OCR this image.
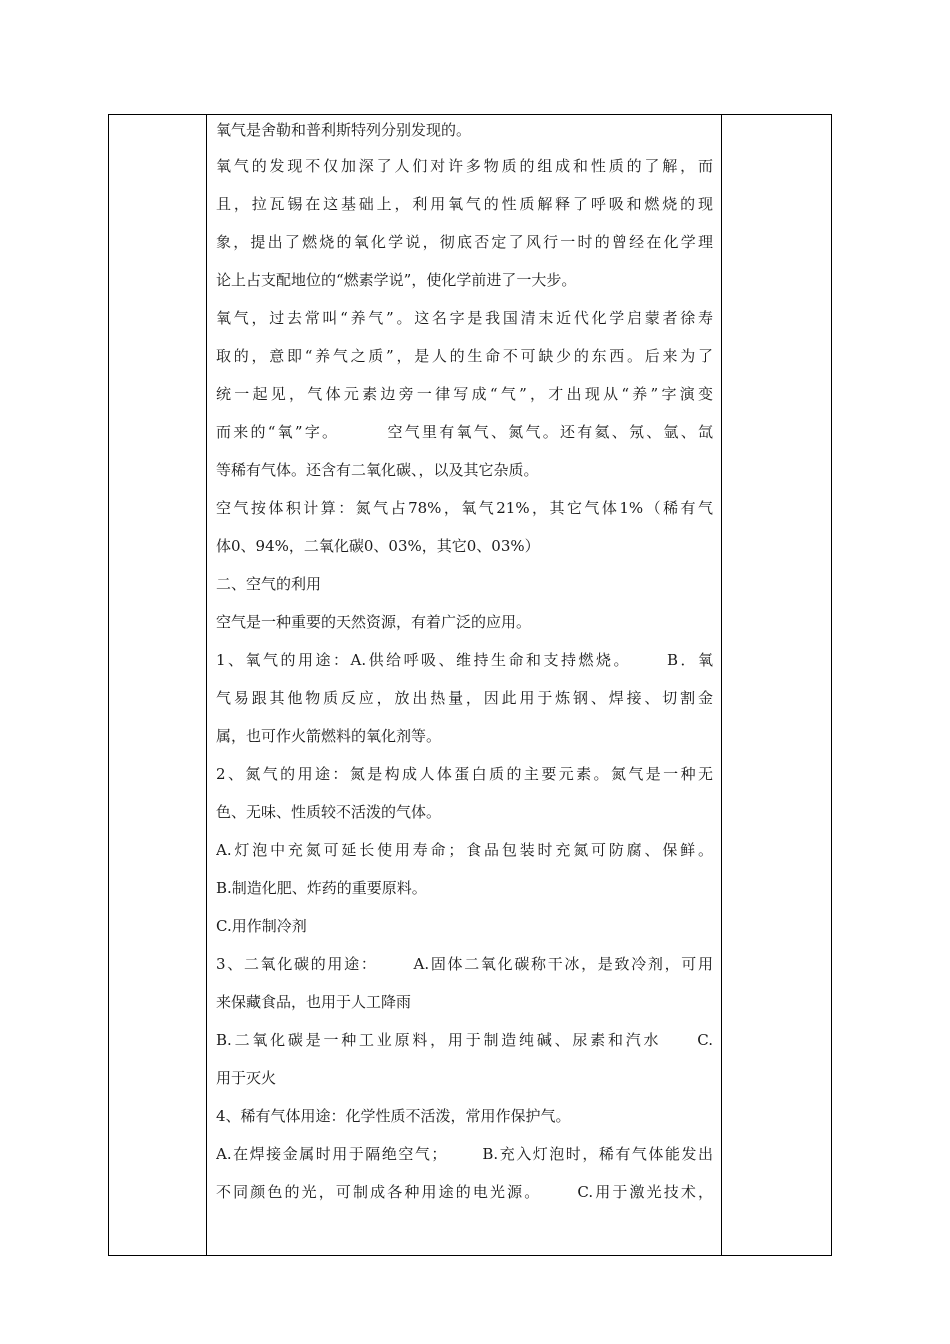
氧气是舍勒和普利斯特列分别发现的。
氧气的发现不仅加深了人们对许多物质的组成和性质的了解，而
且，拉瓦锡在这基础上，利用氧气的性质解释了呼吸和燃烧的现
象，提出了燃烧的氧化学说，彻底否定了风行一时的曾经在化学理
论上占支配地位的“燃素学说”，使化学前进了一大步。
氧气，过去常叫“养气”。这名字是我国清末近代化学启蒙者徐寿
取的，意即“养气之质”，是人的生命不可缺少的东西。后来为了
统一起见，气体元素边旁一律写成“气”，才出现从“养”字演变
而来的“氧”字。	空气里有氧气、氮气。还有氦、氖、氩、氙
等稀有气体。还含有二氧化碳、，以及其它杂质。
空气按体积计算：氮气占78%，氧气21%，其它气体1%（稀有气
体0、94%，二氧化碳0、03%，其它0、03%）
二、空气的利用
空气是一种重要的天然资源，有着广泛的应用。
1、氧气的用途：A.供给呼吸、维持生命和支持燃烧。 B．氧
气易跟其他物质反应，放出热量，因此用于炼钢、焊接、切割金
属，也可作火箭燃料的氧化剂等。
2、氮气的用途：氮是构成人体蛋白质的主要元素。氮气是一种无
色、无味、性质较不活泼的气体。
A.灯泡中充氮可延长使用寿命；食品包装时充氮可防腐、保鲜。
B.制造化肥、炸药的重要原料。
C.用作制冷剂
3、二氧化碳的用途： A.固体二氧化碳称干冰，是致冷剂，可用
来保藏食品，也用于人工降雨
B.二氧化碳是一种工业原料，用于制造纯碱、尿素和汽水 C.
用于灭火
4、稀有气体用途：化学性质不活泼，常用作保护气。
A.在焊接金属时用于隔绝空气； B.充入灯泡时，稀有气体能发出
不同颜色的光，可制成各种用途的电光源。 C.用于激光技术，
